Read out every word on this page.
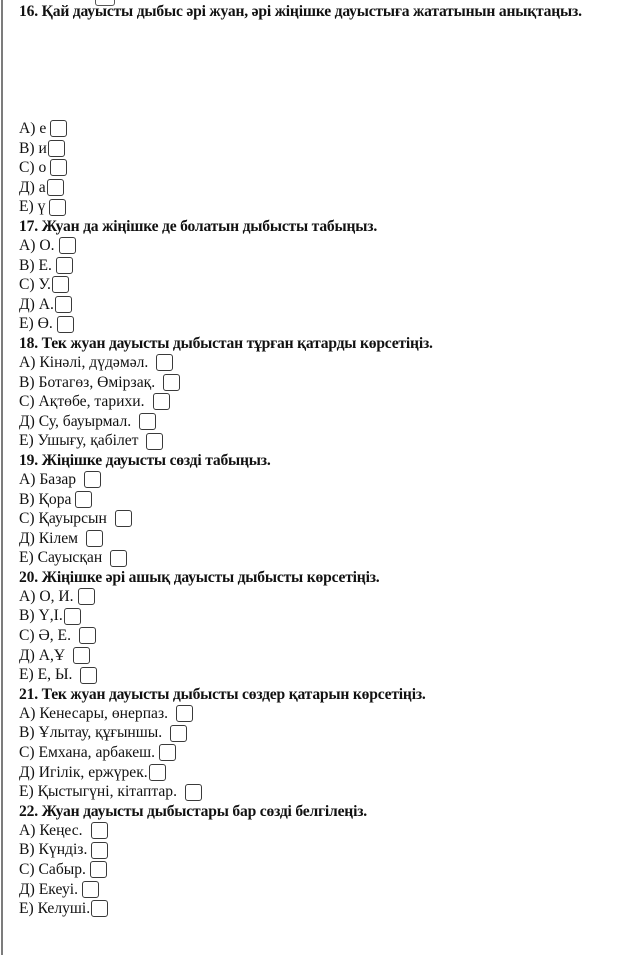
16. Қай дауысты дыбыс әрі жуан, әрі жіңішке дауыстыға жататынын анықтаңыз.

А) е
В) и
С) о
Д) а
Е) ү

17. Жуан да жіңішке де болатын дыбысты табыңыз.

А) О.
В) Е.
С) У.
Д) А.
Е) Ө.

18. Тек жуан дауысты дыбыстан тұрған қатарды көрсетіңіз.

А) Кінәлі, дүдәмәл.
В) Ботагөз, Өмірзақ.
С) Ақтөбе, тарихи.
Д) Су, бауырмал.
Е) Ушығу, қабілет

19. Жіңішке дауысты сөзді табыңыз.

А) Базар
В) Қора
С) Қауырсын
Д) Кілем
Е) Сауысқан

20. Жіңішке әрі ашық дауысты дыбысты көрсетіңіз.

А) О, И.
В) Ү,І.
С) Ә, Е.
Д) А,Ұ
Е) Е, Ы.

21. Тек жуан дауысты дыбысты сөздер қатарын көрсетіңіз.

А) Кенесары, өнерпаз.
В) Ұлытау, құғыншы.
С) Емхана, арбакеш.
Д) Игілік, ержүрек.
Е) Қыстыгүні, кітаптар.

22. Жуан дауысты дыбыстары бар сөзді белгілеңіз.

А) Кеңес.
В) Күндіз.
С) Сабыр.
Д) Екеуі.
Е) Келуші.
